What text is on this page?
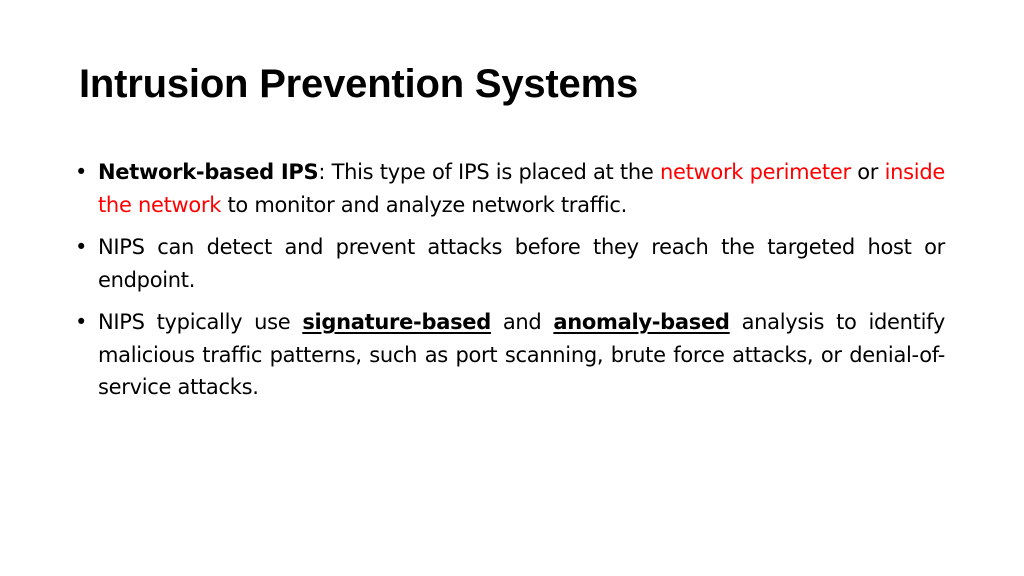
Intrusion Prevention Systems
• Network-based IPS: This type of IPS is placed at the network perimeter or inside the network to monitor and analyze network traffic.
• NIPS can detect and prevent attacks before they reach the targeted host or endpoint.
• NIPS typically use signature-based and anomaly-based analysis to identify malicious traffic patterns, such as port scanning, brute force attacks, or denial-of-service attacks.
